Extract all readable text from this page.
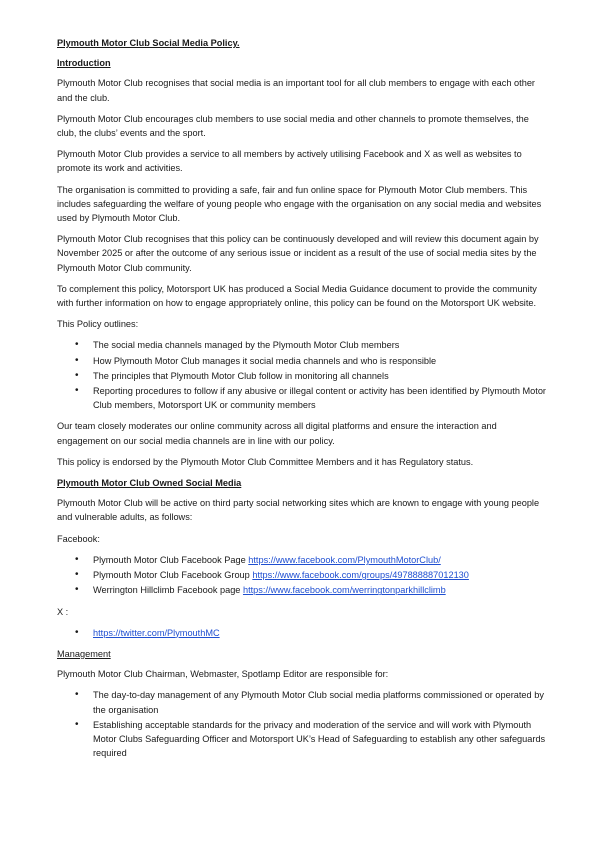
Plymouth Motor Club Social Media Policy.

Introduction

Plymouth Motor Club recognises that social media is an important tool for all club members to engage with each other and the club.

Plymouth Motor Club encourages club members to use social media and other channels to promote themselves, the club, the clubs’ events and the sport.

Plymouth Motor Club provides a service to all members by actively utilising Facebook and X as well as websites to promote its work and activities.

The organisation is committed to providing a safe, fair and fun online space for Plymouth Motor Club members. This includes safeguarding the welfare of young people who engage with the organisation on any social media and websites used by Plymouth Motor Club.

Plymouth Motor Club recognises that this policy can be continuously developed and will review this document again by November 2025 or after the outcome of any serious issue or incident as a result of the use of social media sites by the Plymouth Motor Club community.

To complement this policy, Motorsport UK has produced a Social Media Guidance document to provide the community with further information on how to engage appropriately online, this policy can be found on the Motorsport UK website.

This Policy outlines:

• The social media channels managed by the Plymouth Motor Club members
• How Plymouth Motor Club manages it social media channels and who is responsible
• The principles that Plymouth Motor Club follow in monitoring all channels
• Reporting procedures to follow if any abusive or illegal content or activity has been identified by Plymouth Motor Club members, Motorsport UK or community members

Our team closely moderates our online community across all digital platforms and ensure the interaction and engagement on our social media channels are in line with our policy.

This policy is endorsed by the Plymouth Motor Club Committee Members and it has Regulatory status.

Plymouth Motor Club Owned Social Media

Plymouth Motor Club will be active on third party social networking sites which are known to engage with young people and vulnerable adults, as follows:

Facebook:

• Plymouth Motor Club Facebook Page https://www.facebook.com/PlymouthMotorClub/
• Plymouth Motor Club Facebook Group https://www.facebook.com/groups/497888887012130
• Werrington Hillclimb Facebook page https://www.facebook.com/werringtonparkhillclimb

X :

• https://twitter.com/PlymouthMC

Management

Plymouth Motor Club Chairman, Webmaster, Spotlamp Editor are responsible for:

• The day-to-day management of any Plymouth Motor Club social media platforms commissioned or operated by the organisation
• Establishing acceptable standards for the privacy and moderation of the service and will work with Plymouth Motor Clubs Safeguarding Officer and Motorsport UK’s Head of Safeguarding to establish any other safeguards required
